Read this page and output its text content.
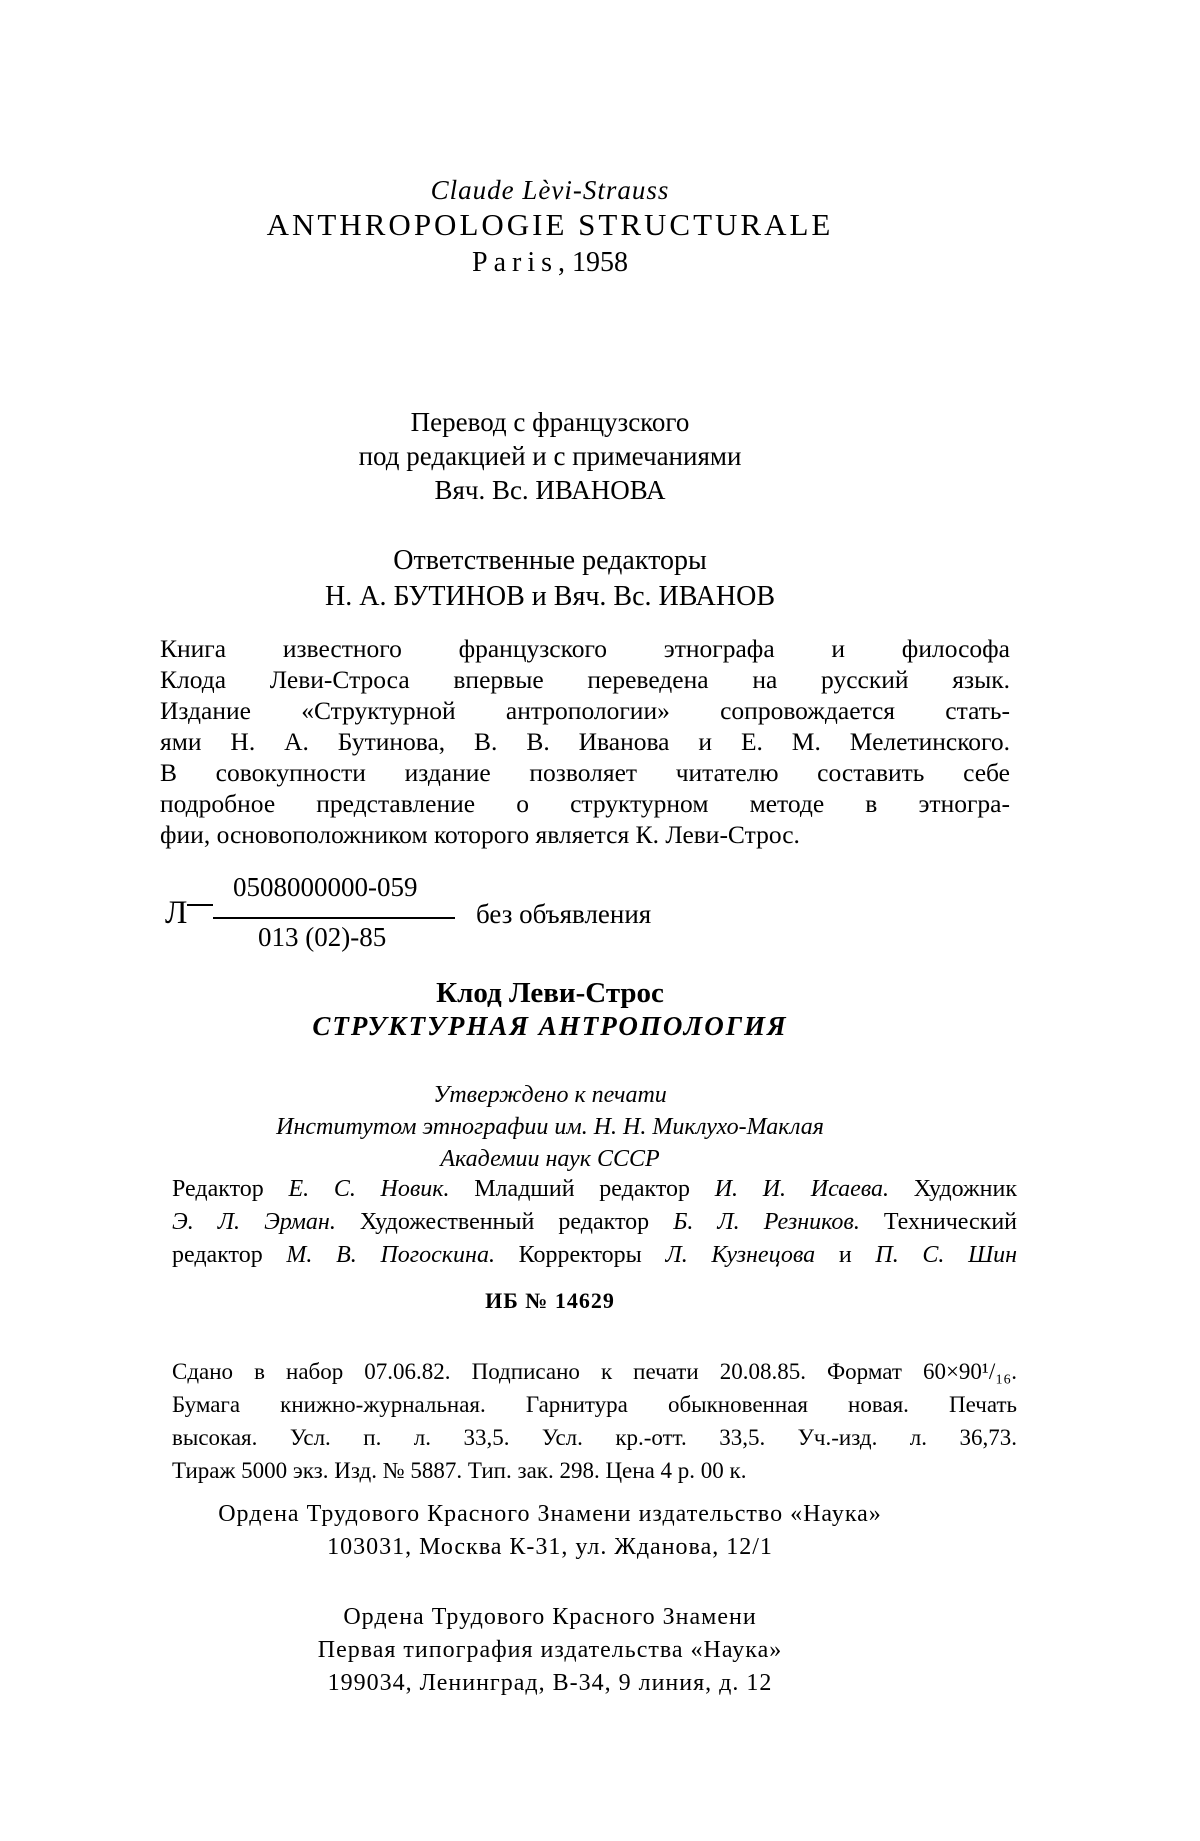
Claude Lèvi-Strauss
ANTHROPOLOGIE STRUCTURALE
Paris, 1958
Перевод с французского
под редакцией и с примечаниями
Вяч. Вс. ИВАНОВА
Ответственные редакторы
Н. А. БУТИНОВ и Вяч. Вс. ИВАНОВ
Книга известного французского этнографа и философа
Клода Леви-Строса впервые переведена на русский язык.
Издание «Структурной антропологии» сопровождается стать-
ями Н. А. Бутинова, В. В. Иванова и Е. М. Мелетинского.
В совокупности издание позволяет читателю составить себе
подробное представление о структурном методе в этногра-
фии, основоположником которого является К. Леви-Строс.
Л
0508000000-059
013 (02)-85
без объявления
Клод Леви-Строс
СТРУКТУРНАЯ АНТРОПОЛОГИЯ
Утверждено к печати
Институтом этнографии им. Н. Н. Миклухо-Маклая
Академии наук СССР
Редактор Е. С. Новик. Младший редактор И. И. Исаева. Художник
Э. Л. Эрман. Художественный редактор Б. Л. Резников. Технический
редактор М. В. Погоскина. Корректоры Л. Кузнецова и П. С. Шин
ИБ № 14629
Сдано в набор 07.06.82. Подписано к печати 20.08.85. Формат 60×90¹/₁₆.
Бумага книжно-журнальная. Гарнитура обыкновенная новая. Печать
высокая. Усл. п. л. 33,5. Усл. кр.-отт. 33,5. Уч.-изд. л. 36,73.
Тираж 5000 экз. Изд. № 5887. Тип. зак. 298. Цена 4 р. 00 к.
Ордена Трудового Красного Знамени издательство «Наука»
103031, Москва К-31, ул. Жданова, 12/1
Ордена Трудового Красного Знамени
Первая типография издательства «Наука»
199034, Ленинград, В-34, 9 линия, д. 12
